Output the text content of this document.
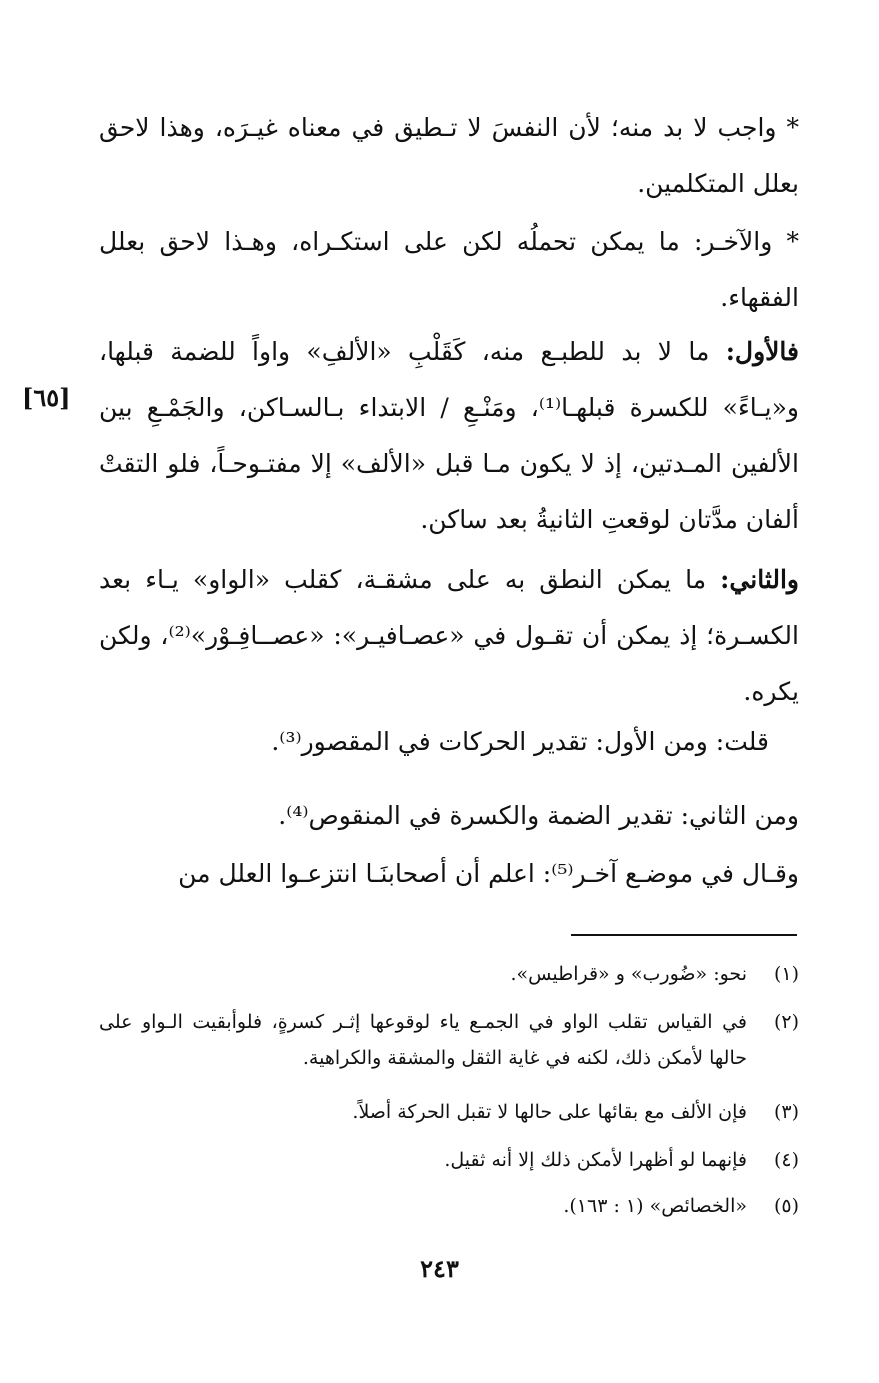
* واجب لا بد منه؛ لأن النفسَ لا تـطيق في معناه غيـرَه، وهذا لاحق بعلل المتكلمين.

* والآخـر: ما يمكن تحملُه لكن على استكـراه، وهـذا لاحق بعلل الفقهاء.

فالأول: ما لا بد للطبـع منه، كَقَلْبِ «الألفِ» واواً للضمة قبلها، و«يـاءً» للكسرة قبلهـا⁽¹⁾، ومَنْـعِ / الابتداء بـالسـاكن، والجَمْـعِ بين الألفين المـدتين، إذ لا يكون مـا قبل «الألف» إلا مفتـوحـاً، فلو التقتْ ألفان مدَّتان لوقعتِ الثانيةُ بعد ساكن.

[٦٥]

والثاني: ما يمكن النطق به على مشقـة، كقلب «الواو» يـاء بعد الكسـرة؛ إذ يمكن أن تقـول في «عصـافيـر»: «عصــافِـوْر»⁽²⁾، ولكن يكره.

قلت: ومن الأول: تقدير الحركات في المقصور⁽³⁾.

ومن الثاني: تقدير الضمة والكسرة في المنقوص⁽⁴⁾.

وقـال في موضـع آخـر⁽⁵⁾: اعلم أن أصحابنَـا انتزعـوا العلل من

(١)
نحو: «ضُورب» و «قراطيس».
(٢)
في القياس تقلب الواو في الجمـع ياء لوقوعها إثـر كسرةٍ، فلوأبقيت الـواو على حالها لأمكن ذلك، لكنه في غاية الثقل والمشقة والكراهية.
(٣)
فإن الألف مع بقائها على حالها لا تقبل الحركة أصلاً.
(٤)
فإنهما لو أظهرا لأمكن ذلك إلا أنه ثقيل.
(٥)
«الخصائص» (١ : ١٦٣).
٢٤٣
